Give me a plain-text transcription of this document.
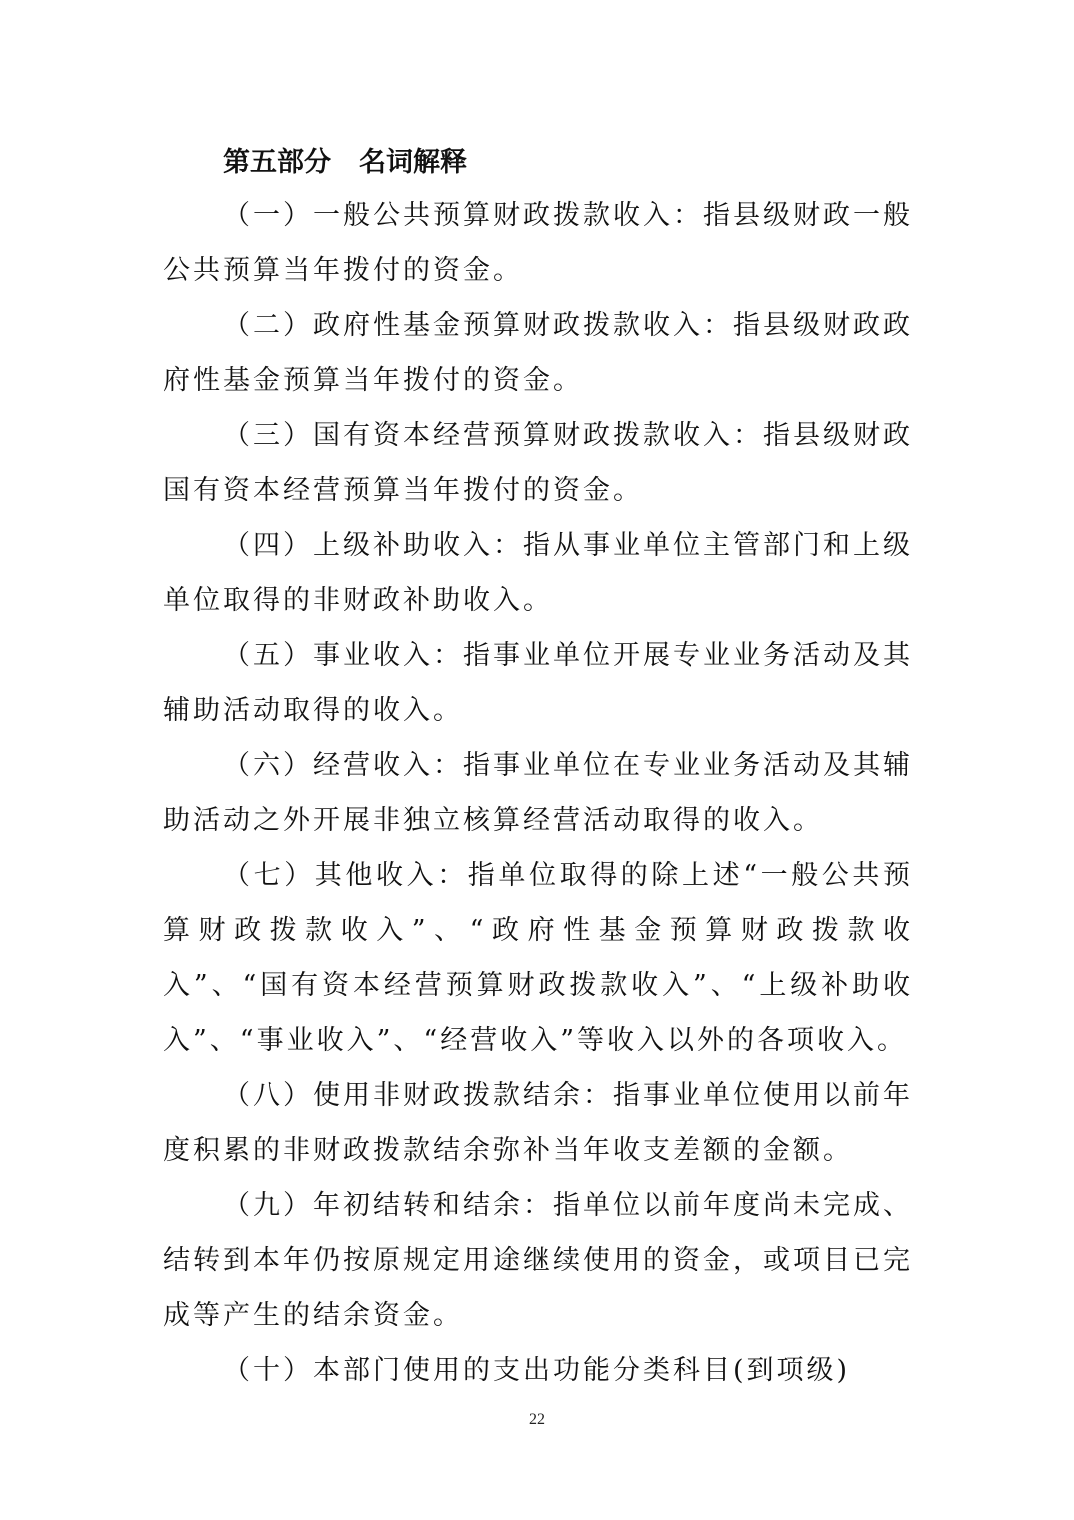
第五部分 名词解释

（一）一般公共预算财政拨款收入：指县级财政一般公共预算当年拨付的资金。

（二）政府性基金预算财政拨款收入：指县级财政政府性基金预算当年拨付的资金。

（三）国有资本经营预算财政拨款收入：指县级财政国有资本经营预算当年拨付的资金。

（四）上级补助收入：指从事业单位主管部门和上级单位取得的非财政补助收入。

（五）事业收入：指事业单位开展专业业务活动及其辅助活动取得的收入。

（六）经营收入：指事业单位在专业业务活动及其辅助活动之外开展非独立核算经营活动取得的收入。

（七）其他收入：指单位取得的除上述“一般公共预算财政拨款收入”、“政府性基金预算财政拨款收入”、“国有资本经营预算财政拨款收入”、“上级补助收入”、“事业收入”、“经营收入”等收入以外的各项收入。

（八）使用非财政拨款结余：指事业单位使用以前年度积累的非财政拨款结余弥补当年收支差额的金额。

（九）年初结转和结余：指单位以前年度尚未完成、结转到本年仍按原规定用途继续使用的资金，或项目已完成等产生的结余资金。

（十）本部门使用的支出功能分类科目(到项级)

22
